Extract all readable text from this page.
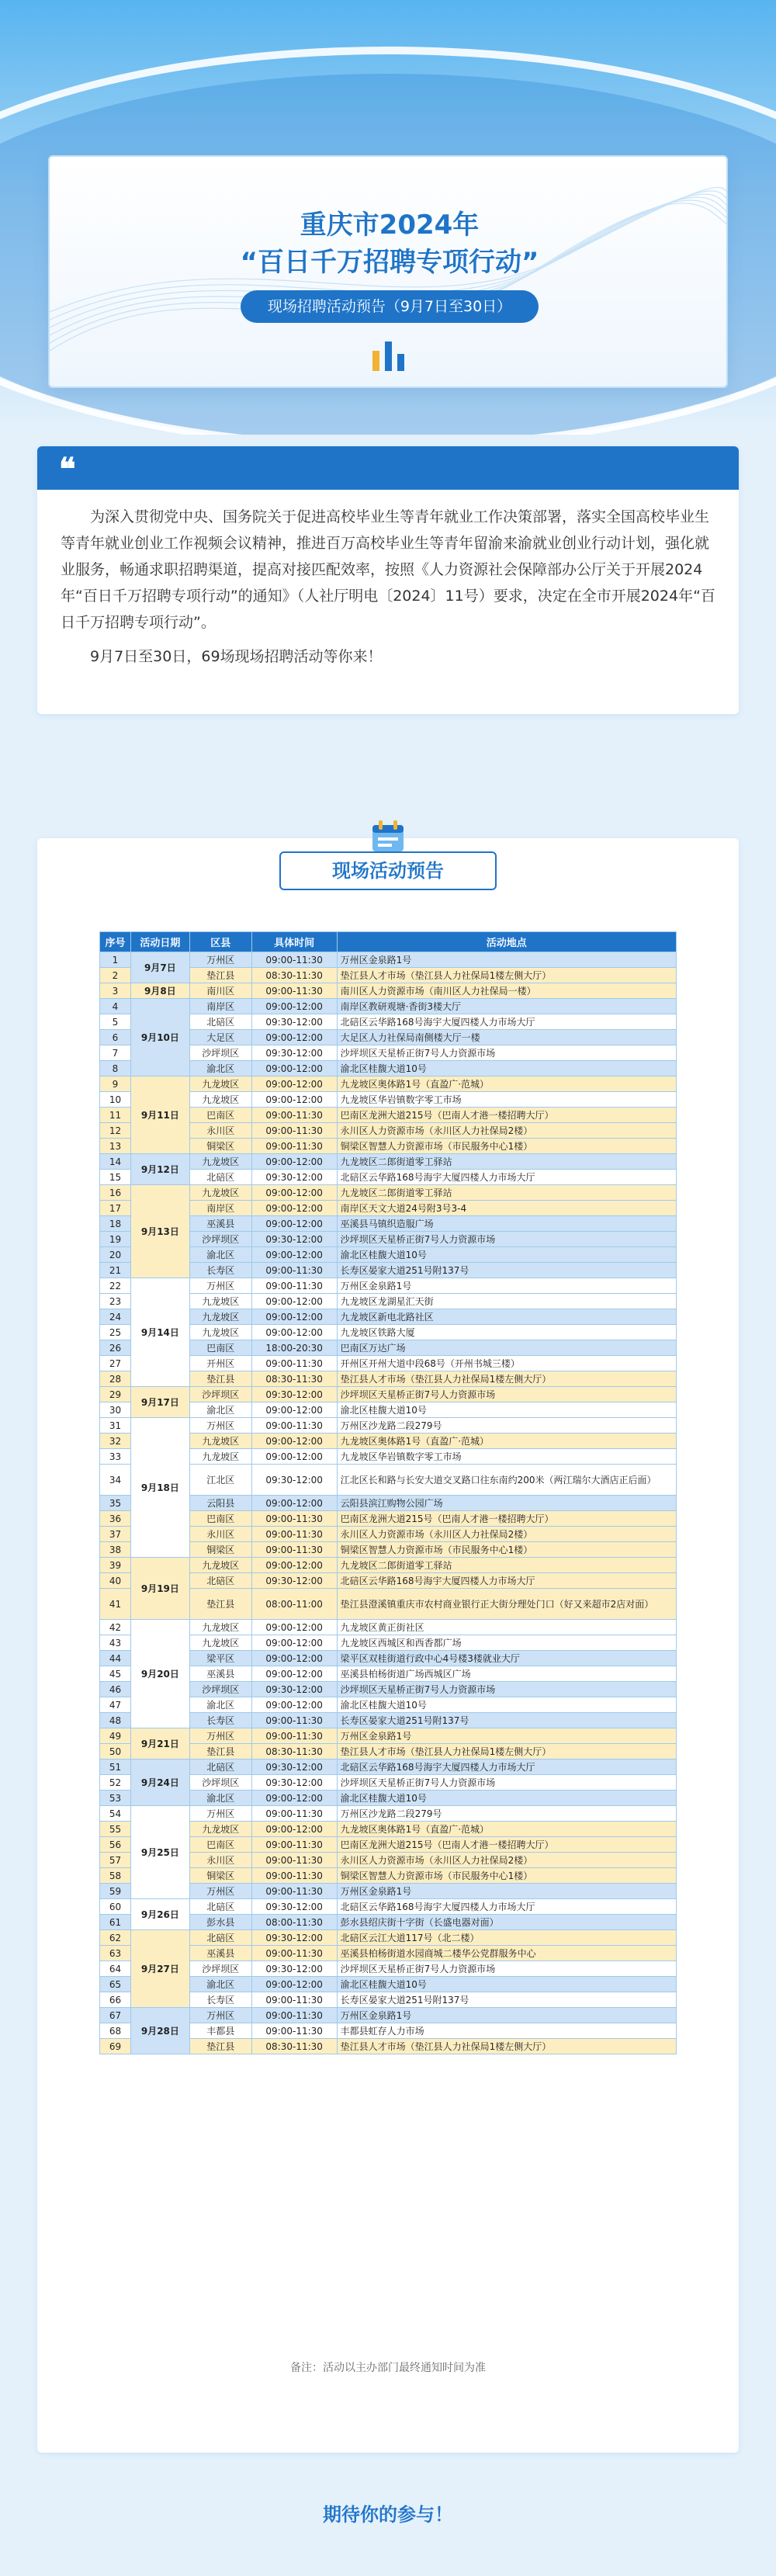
重庆市2024年
“百日千万招聘专项行动”
现场招聘活动预告（9月7日至30日）
❝

为深入贯彻党中央、国务院关于促进高校毕业生等青年就业工作决策部署，落实全国高校毕业生等青年就业创业工作视频会议精神，推进百万高校毕业生等青年留渝来渝就业创业行动计划，强化就业服务，畅通求职招聘渠道，提高对接匹配效率，按照《人力资源社会保障部办公厅关于开展2024年“百日千万招聘专项行动”的通知》（人社厅明电〔2024〕11号）要求，决定在全市开展2024年“百日千万招聘专项行动”。

9月7日至30日，69场现场招聘活动等你来！

现场活动预告
序号	活动日期	区县	具体时间	活动地点
1	9月7日	万州区	09:00-11:30	万州区金泉路1号
2		垫江县	08:30-11:30	垫江县人才市场（垫江县人力社保局1楼左侧大厅）
3	9月8日	南川区	09:00-11:30	南川区人力资源市场（南川区人力社保局一楼）
4	9月10日	南岸区	09:00-12:00	南岸区教研观塘·香街3楼大厅
5		北碚区	09:30-12:00	北碚区云华路168号海宇大厦四楼人力市场大厅
6		大足区	09:00-12:00	大足区人力社保局南侧楼大厅一楼
7		沙坪坝区	09:30-12:00	沙坪坝区天星桥正街7号人力资源市场
8		渝北区	09:00-12:00	渝北区桂馥大道10号
9	9月11日	九龙坡区	09:00-12:00	九龙坡区奥体路1号（直盈广·范城）
10		九龙坡区	09:00-12:00	九龙坡区华岩镇数字零工市场
11		巴南区	09:00-11:30	巴南区龙洲大道215号（巴南人才港一楼招聘大厅）
12		永川区	09:00-11:30	永川区人力资源市场（永川区人力社保局2楼）
13		铜梁区	09:00-11:30	铜梁区智慧人力资源市场（市民服务中心1楼）
14	9月12日	九龙坡区	09:00-12:00	九龙坡区二郎街道零工驿站
15		北碚区	09:30-12:00	北碚区云华路168号海宇大厦四楼人力市场大厅
16	9月13日	九龙坡区	09:00-12:00	九龙坡区二郎街道零工驿站
17		南岸区	09:00-12:00	南岸区天文大道24号附3号3-4
18		巫溪县	09:00-12:00	巫溪县马镇织造服广场
19		沙坪坝区	09:30-12:00	沙坪坝区天星桥正街7号人力资源市场
20		渝北区	09:00-12:00	渝北区桂馥大道10号
21		长寿区	09:00-11:30	长寿区晏家大道251号附137号
22	9月14日	万州区	09:00-11:30	万州区金泉路1号
23		九龙坡区	09:00-12:00	九龙坡区龙湖星汇天街
24		九龙坡区	09:00-12:00	九龙坡区新电北路社区
25		九龙坡区	09:00-12:00	九龙坡区铁路大厦
26		巴南区	18:00-20:30	巴南区万达广场
27		开州区	09:00-11:30	开州区开州大道中段68号（开州书城三楼）
28		垫江县	08:30-11:30	垫江县人才市场（垫江县人力社保局1楼左侧大厅）
29	9月17日	沙坪坝区	09:30-12:00	沙坪坝区天星桥正街7号人力资源市场
30		渝北区	09:00-12:00	渝北区桂馥大道10号
31	9月18日	万州区	09:00-11:30	万州区沙龙路二段279号
32		九龙坡区	09:00-12:00	九龙坡区奥体路1号（直盈广·范城）
33		九龙坡区	09:00-12:00	九龙坡区华岩镇数字零工市场
34		江北区	09:30-12:00	江北区长和路与长安大道交叉路口往东南约200米（两江瑞尔大酒店正后面）
35		云阳县	09:00-12:00	云阳县滨江购物公园广场
36		巴南区	09:00-11:30	巴南区龙洲大道215号（巴南人才港一楼招聘大厅）
37		永川区	09:00-11:30	永川区人力资源市场（永川区人力社保局2楼）
38		铜梁区	09:00-11:30	铜梁区智慧人力资源市场（市民服务中心1楼）
39	9月19日	九龙坡区	09:00-12:00	九龙坡区二郎街道零工驿站
40		北碚区	09:30-12:00	北碚区云华路168号海宇大厦四楼人力市场大厅
41		垫江县	08:00-11:00	垫江县澄溪镇重庆市农村商业银行正大街分理处门口（好又来超市2店对面）
42	9月20日	九龙坡区	09:00-12:00	九龙坡区黄正街社区
43		九龙坡区	09:00-12:00	九龙坡区西城区和西香都广场
44		梁平区	09:00-12:00	梁平区双桂街道行政中心4号楼3楼就业大厅
45		巫溪县	09:00-12:00	巫溪县柏杨街道广场西城区广场
46		沙坪坝区	09:30-12:00	沙坪坝区天星桥正街7号人力资源市场
47		渝北区	09:00-12:00	渝北区桂馥大道10号
48		长寿区	09:00-11:30	长寿区晏家大道251号附137号
49	9月21日	万州区	09:00-11:30	万州区金泉路1号
50		垫江县	08:30-11:30	垫江县人才市场（垫江县人力社保局1楼左侧大厅）
51	9月24日	北碚区	09:30-12:00	北碚区云华路168号海宇大厦四楼人力市场大厅
52		沙坪坝区	09:30-12:00	沙坪坝区天星桥正街7号人力资源市场
53		渝北区	09:00-12:00	渝北区桂馥大道10号
54	9月25日	万州区	09:00-11:30	万州区沙龙路二段279号
55		九龙坡区	09:00-12:00	九龙坡区奥体路1号（直盈广·范城）
56		巴南区	09:00-11:30	巴南区龙洲大道215号（巴南人才港一楼招聘大厅）
57		永川区	09:00-11:30	永川区人力资源市场（永川区人力社保局2楼）
58		铜梁区	09:00-11:30	铜梁区智慧人力资源市场（市民服务中心1楼）
59		万州区	09:00-11:30	万州区金泉路1号
60	9月26日	北碚区	09:30-12:00	北碚区云华路168号海宇大厦四楼人力市场大厅
61		彭水县	08:00-11:30	彭水县绍庆街十字街（长盛电器对面）
62	9月27日	北碚区	09:30-12:00	北碚区云江大道117号（北二楼）
63		巫溪县	09:00-11:30	巫溪县柏杨街道水园商城二楼华公党群服务中心
64		沙坪坝区	09:30-12:00	沙坪坝区天星桥正街7号人力资源市场
65		渝北区	09:00-12:00	渝北区桂馥大道10号
66		长寿区	09:00-11:30	长寿区晏家大道251号附137号
67	9月28日	万州区	09:00-11:30	万州区金泉路1号
68		丰都县	09:00-11:30	丰都县虹存人力市场
69		垫江县	08:30-11:30	垫江县人才市场（垫江县人力社保局1楼左侧大厅）
备注：活动以主办部门最终通知时间为准
期待你的参与！
